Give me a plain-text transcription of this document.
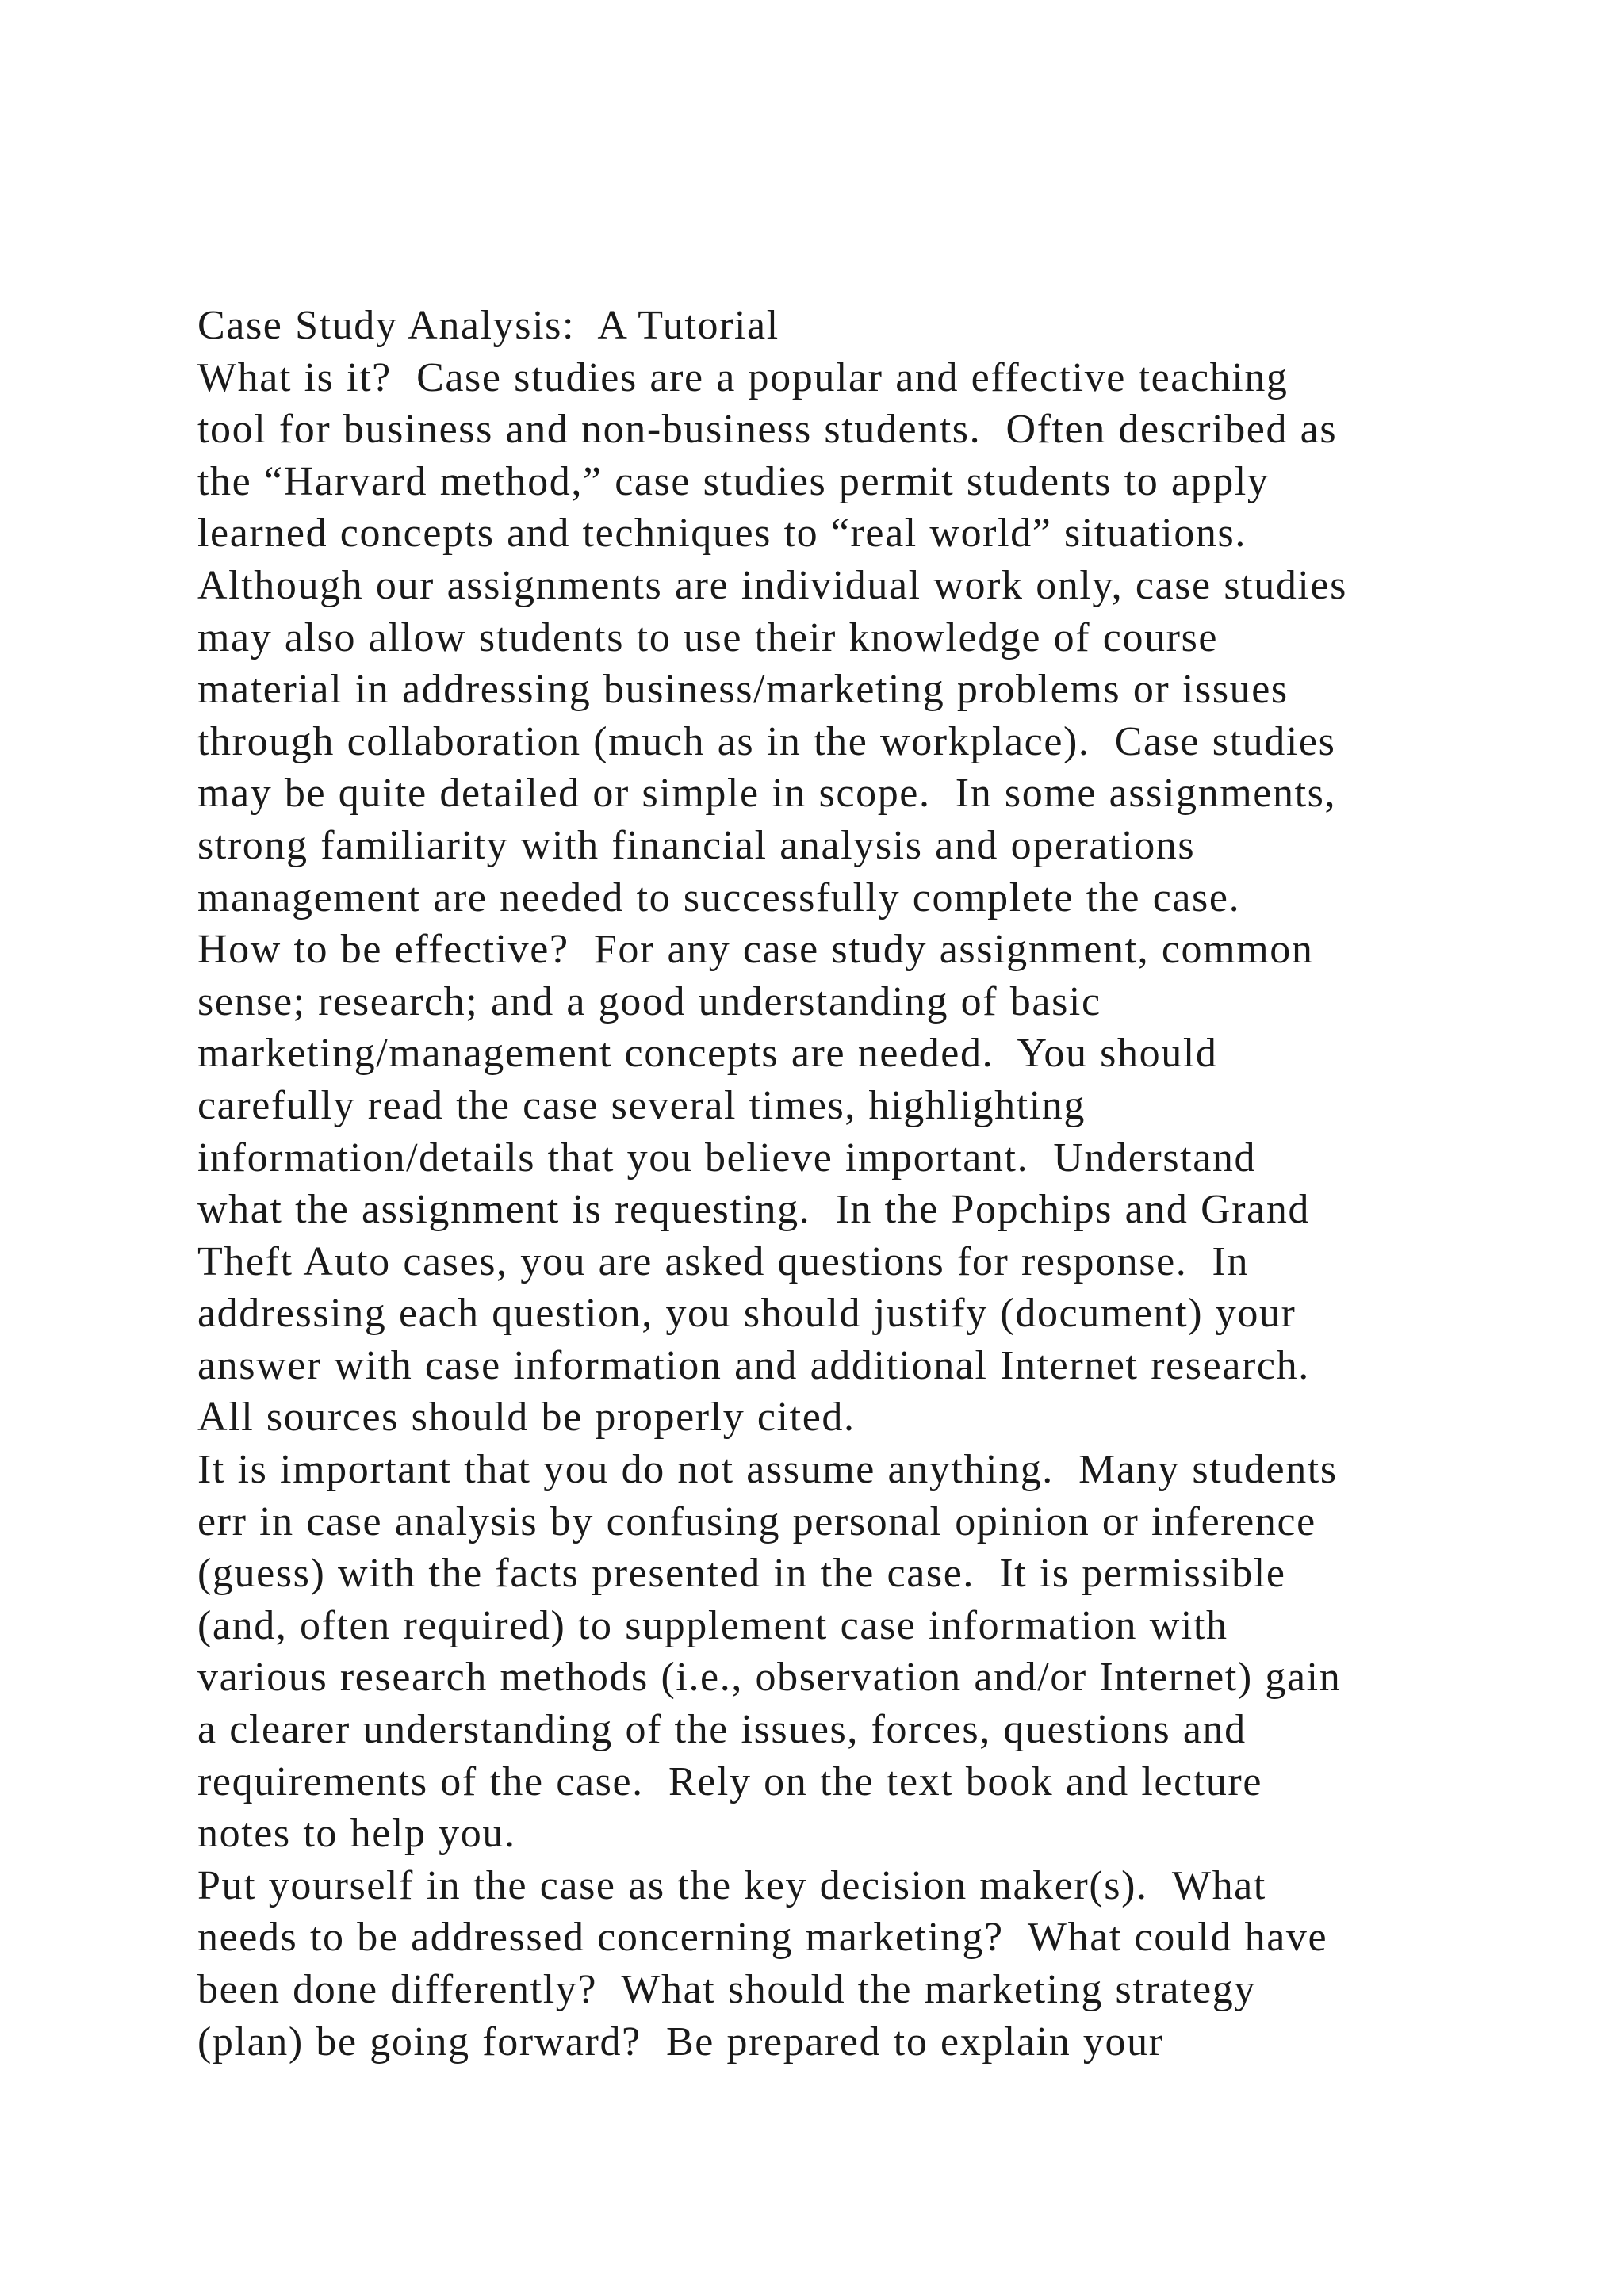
Case Study Analysis:  A Tutorial
What is it?  Case studies are a popular and effective teaching
tool for business and non-business students.  Often described as
the “Harvard method,” case studies permit students to apply
learned concepts and techniques to “real world” situations.
Although our assignments are individual work only, case studies
may also allow students to use their knowledge of course
material in addressing business/marketing problems or issues
through collaboration (much as in the workplace).  Case studies
may be quite detailed or simple in scope.  In some assignments,
strong familiarity with financial analysis and operations
management are needed to successfully complete the case.
How to be effective?  For any case study assignment, common
sense; research; and a good understanding of basic
marketing/management concepts are needed.  You should
carefully read the case several times, highlighting
information/details that you believe important.  Understand
what the assignment is requesting.  In the Popchips and Grand
Theft Auto cases, you are asked questions for response.  In
addressing each question, you should justify (document) your
answer with case information and additional Internet research.
All sources should be properly cited.
It is important that you do not assume anything.  Many students
err in case analysis by confusing personal opinion or inference
(guess) with the facts presented in the case.  It is permissible
(and, often required) to supplement case information with
various research methods (i.e., observation and/or Internet) gain
a clearer understanding of the issues, forces, questions and
requirements of the case.  Rely on the text book and lecture
notes to help you.
Put yourself in the case as the key decision maker(s).  What
needs to be addressed concerning marketing?  What could have
been done differently?  What should the marketing strategy
(plan) be going forward?  Be prepared to explain your
